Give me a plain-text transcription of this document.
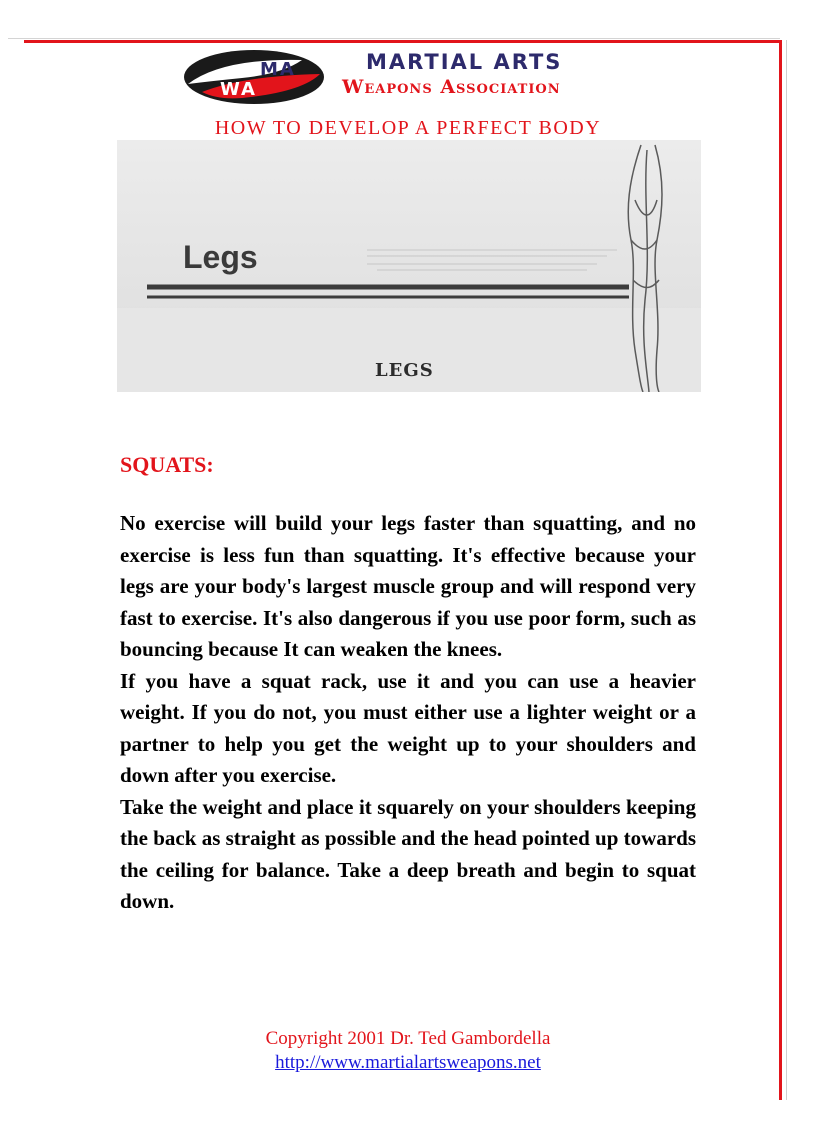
MA
WA
MARTIAL ARTS
Weapons Association
HOW TO DEVELOP A PERFECT BODY
Legs
LEGS
SQUATS:

No exercise will build your legs faster than squatting, and no exercise is less fun than squatting. It's effective because your legs are your body's largest muscle group and will respond very fast to exercise. It's also dangerous if you use poor form, such as bouncing because It can weaken the knees.

If you have a squat rack, use it and you can use a heavier weight. If you do not, you must either use a lighter weight or a partner to help you get the weight up to your shoulders and down after you exercise.

Take the weight and place it squarely on your shoulders keeping the back as straight as possible and the head pointed up towards the ceiling for balance. Take a deep breath and begin to squat down.

Copyright 2001 Dr. Ted Gambordella
http://www.martialartsweapons.net
